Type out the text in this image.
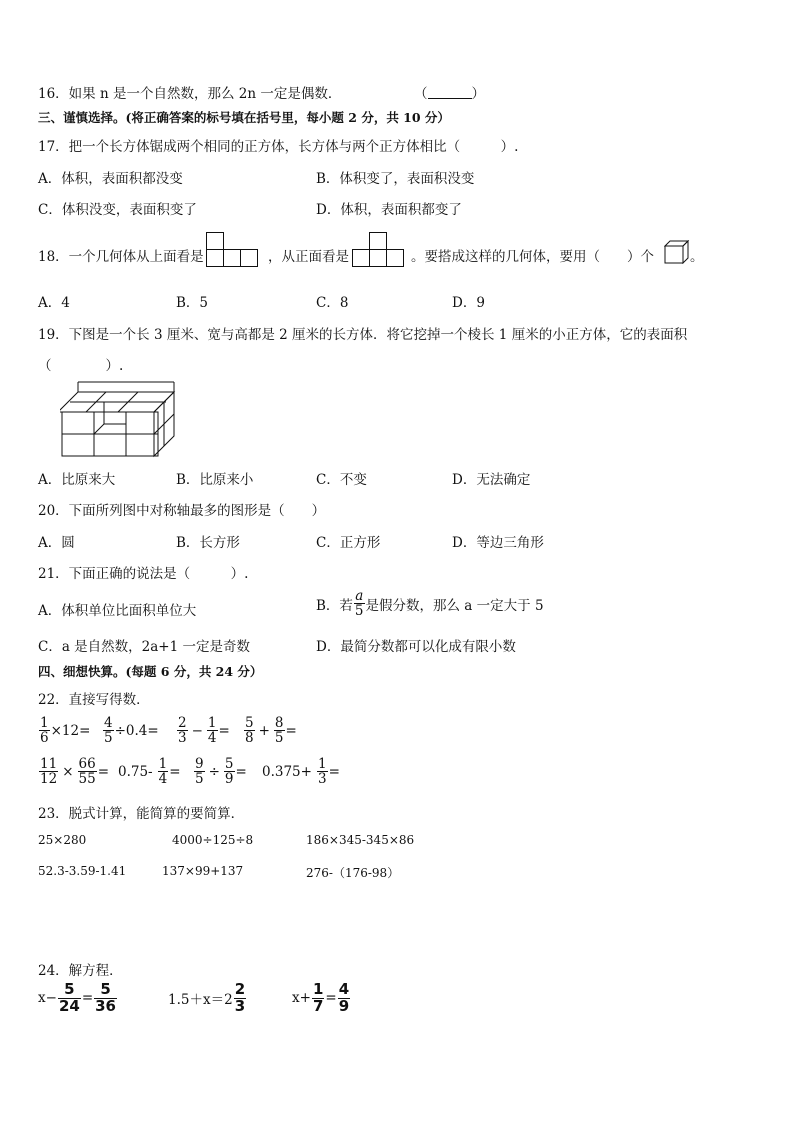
16．如果 n 是一个自然数，那么 2n 一定是偶数．	（	）
三、谨慎选择。(将正确答案的标号填在括号里，每小题 2 分，共 10 分）
17．把一个长方体锯成两个相同的正方体，长方体与两个正方体相比（　　　）.
A．体积，表面积都没变	B．体积变了，表面积没变
C．体积没变，表面积变了	D．体积，表面积都变了
18．一个几何体从上面看是	，从正面看是	。要搭成这样的几何体，要用（　　）个	。
A．4	B．5	C．8	D．9
19．下图是一个长 3 厘米、宽与高都是 2 厘米的长方体．将它挖掉一个棱长 1 厘米的小正方体，它的表面积
（　　　　）.
A．比原来大	B．比原来小	C．不变	D．无法确定
20．下面所列图中对称轴最多的图形是（　　）
A．圆	B．长方形	C．正方形	D．等边三角形
21．下面正确的说法是（　　　）.
A．体积单位比面积单位大	B．若 $\frac{a}{5}$ 是假分数，那么 a 一定大于 5
C．a 是自然数，2a+1 一定是奇数	D．最简分数都可以化成有限小数
四、细想快算。(每题 6 分，共 24 分）
22．直接写得数．
$\frac{1}{6} \times 12= \frac{4}{5} \div 0.4= \frac{2}{3} - \frac{1}{4} = \frac{5}{8} + \frac{8}{5}$ =
$\frac{11}{12} \times \frac{66}{55} = 0.75- \frac{1}{4} = \frac{9}{5} \div \frac{5}{9} = 0.375+ \frac{1}{3}$ =
23．脱式计算，能简算的要简算．
25×280	4000÷125÷8	186×345-345×86
52.3-3.59-1.41	137×99+137	276-（176-98）
24．解方程．
$x- \frac{5}{24} = \frac{5}{36}$	$1.5+x=2 \frac{2}{3}$	$x+ \frac{1}{7} = \frac{4}{9}$
